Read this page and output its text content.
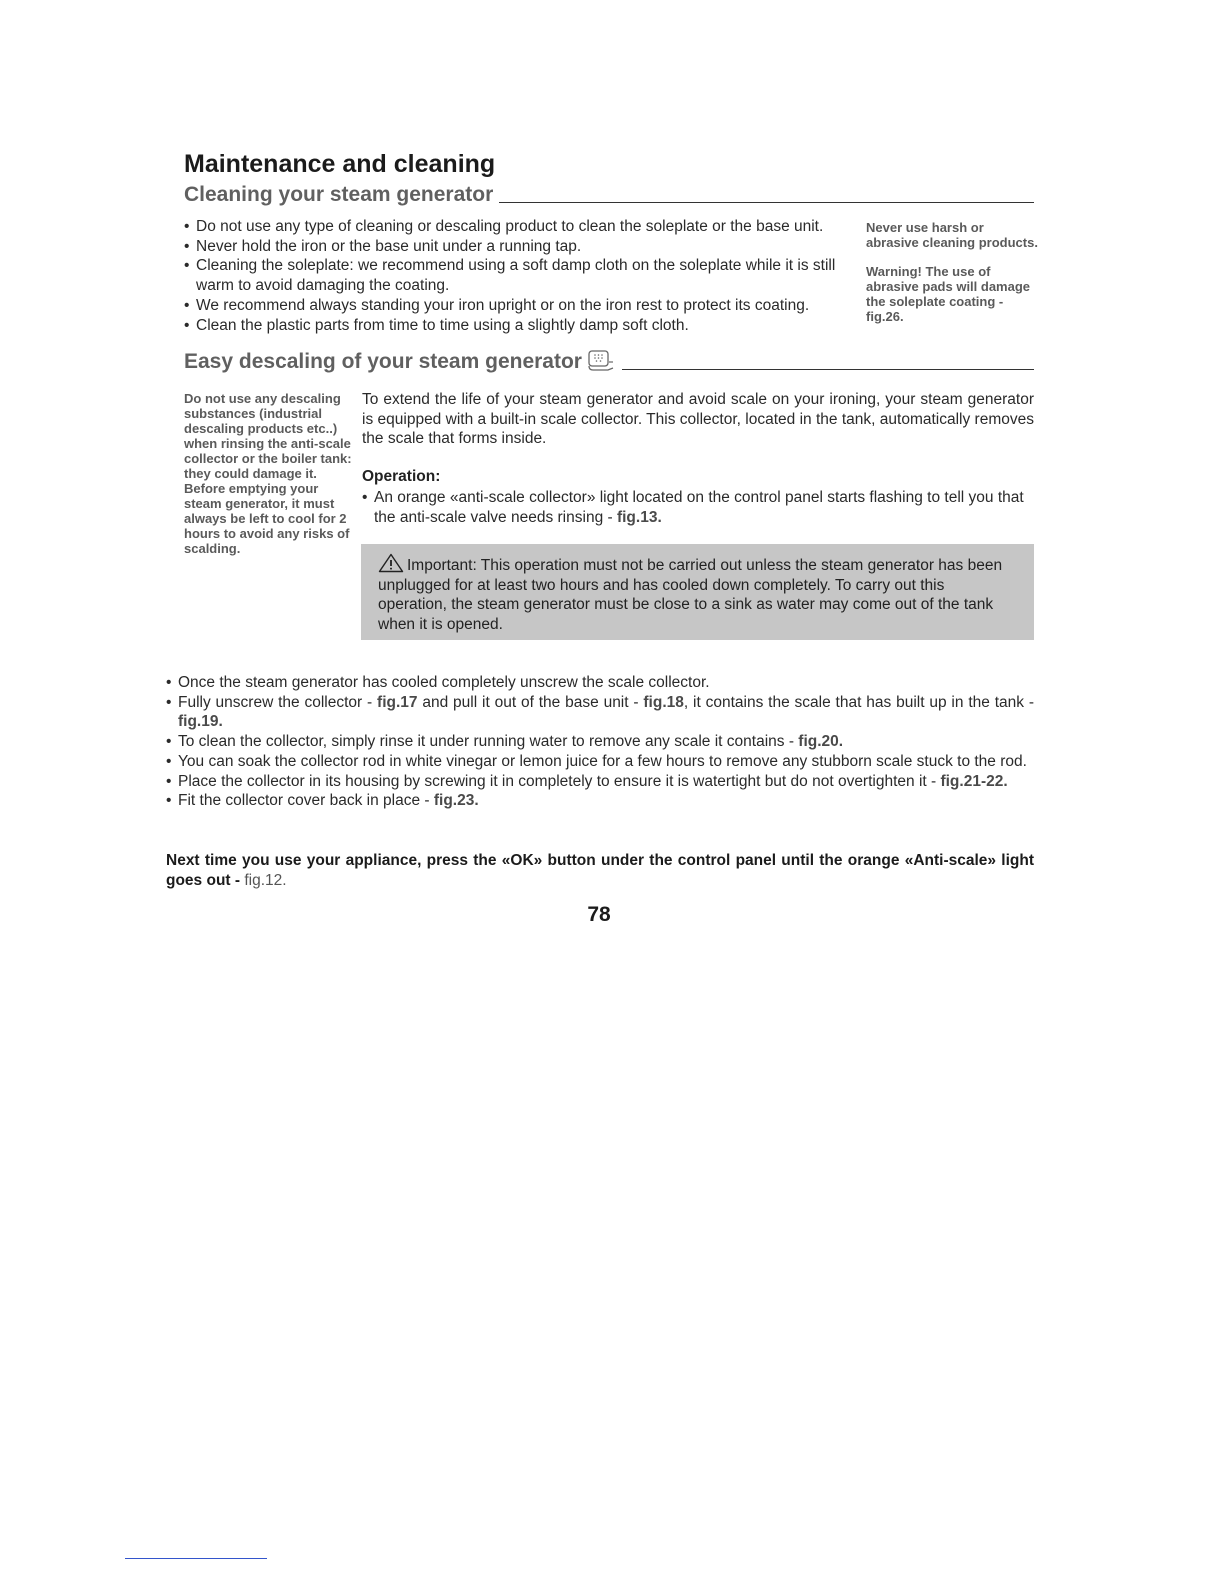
Maintenance and cleaning
Cleaning your steam generator
• Do not use any type of cleaning or descaling product to clean the soleplate or the base unit.
• Never hold the iron or the base unit under a running tap.
• Cleaning the soleplate: we recommend using a soft damp cloth on the soleplate while it is still warm to avoid damaging the coating.
• We recommend always standing your iron upright or on the iron rest to protect its coating.
• Clean the plastic parts from time to time using a slightly damp soft cloth.

Never use harsh or abrasive cleaning products.

Warning! The use of abrasive pads will damage the soleplate coating - fig.26.

Easy descaling of your steam generator

Do not use any descaling substances (industrial descaling products etc..) when rinsing the anti-scale collector or the boiler tank:

they could damage it.

Before emptying your steam generator, it must always be left to cool for 2 hours to avoid any risks of scalding.

To extend the life of your steam generator and avoid scale on your ironing, your steam generator is equipped with a built-in scale collector. This collector, located in the tank, automatically removes the scale that forms inside.

Operation:
• An orange «anti-scale collector» light located on the control panel starts flashing to tell you that the anti-scale valve needs rinsing - fig.13.
Important: This operation must not be carried out unless the steam generator has been unplugged for at least two hours and has cooled down completely. To carry out this operation, the steam generator must be close to a sink as water may come out of the tank when it is opened.
• Once the steam generator has cooled completely unscrew the scale collector.
• Fully unscrew the collector - fig.17 and pull it out of the base unit - fig.18, it contains the scale that has built up in the tank - fig.19.
• To clean the collector, simply rinse it under running water to remove any scale it contains - fig.20.
• You can soak the collector rod in white vinegar or lemon juice for a few hours to remove any stubborn scale stuck to the rod.
• Place the collector in its housing by screwing it in completely to ensure it is watertight but do not overtighten it - fig.21-22.
• Fit the collector cover back in place - fig.23.

Next time you use your appliance, press the «OK» button under the control panel until the orange «Anti-scale» light goes out - fig.12.

78
